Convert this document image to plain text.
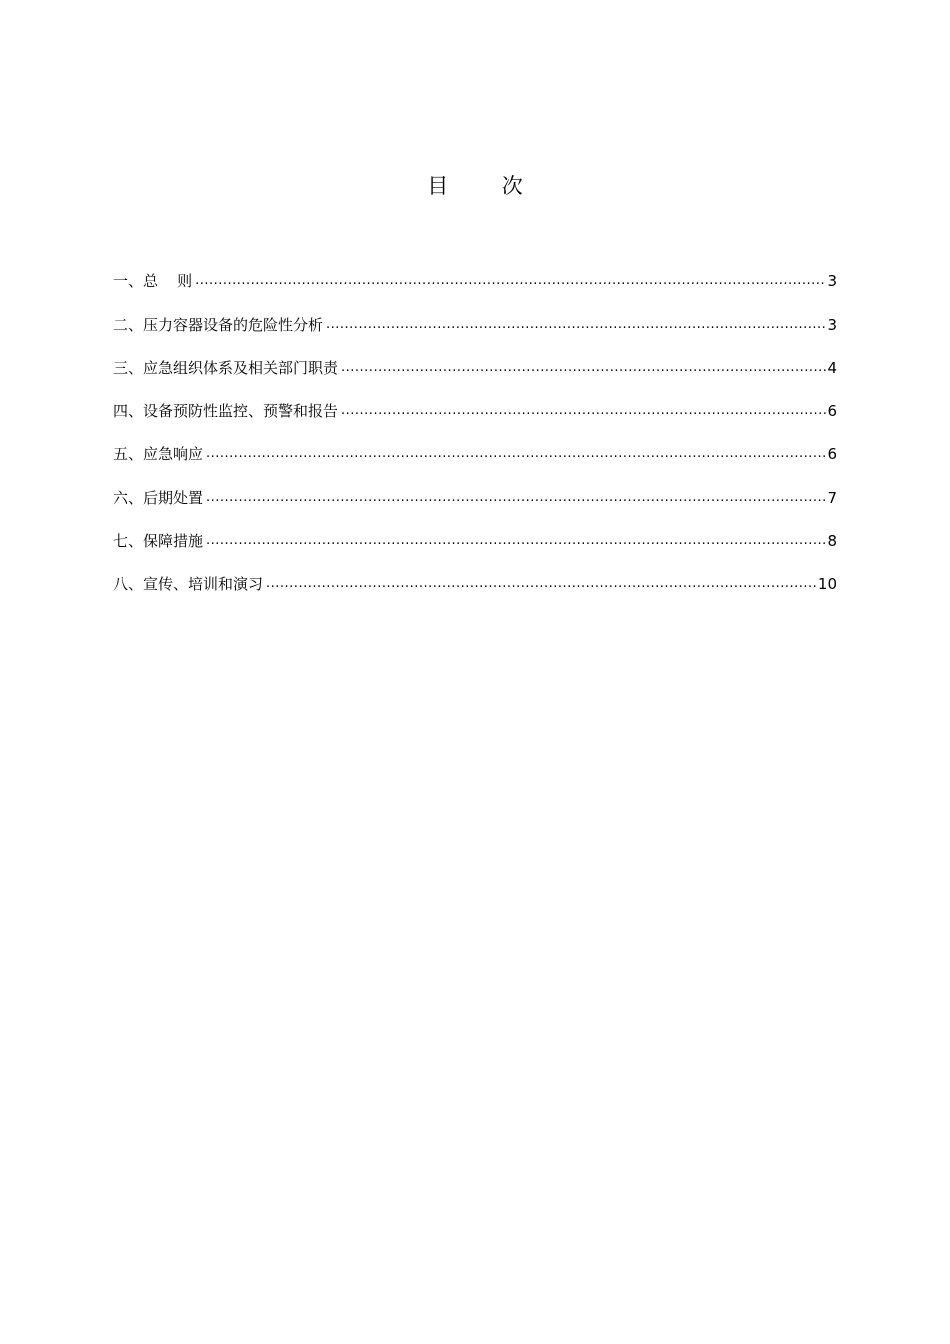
目        次
一、总    则 .....	3
二、压力容器设备的危险性分析 .....	3
三、应急组织体系及相关部门职责 .....	4
四、设备预防性监控、预警和报告 .....	6
五、应急响应 .....	6
六、后期处置 .....	7
七、保障措施 .....	8
八、宣传、培训和演习 .....	10
